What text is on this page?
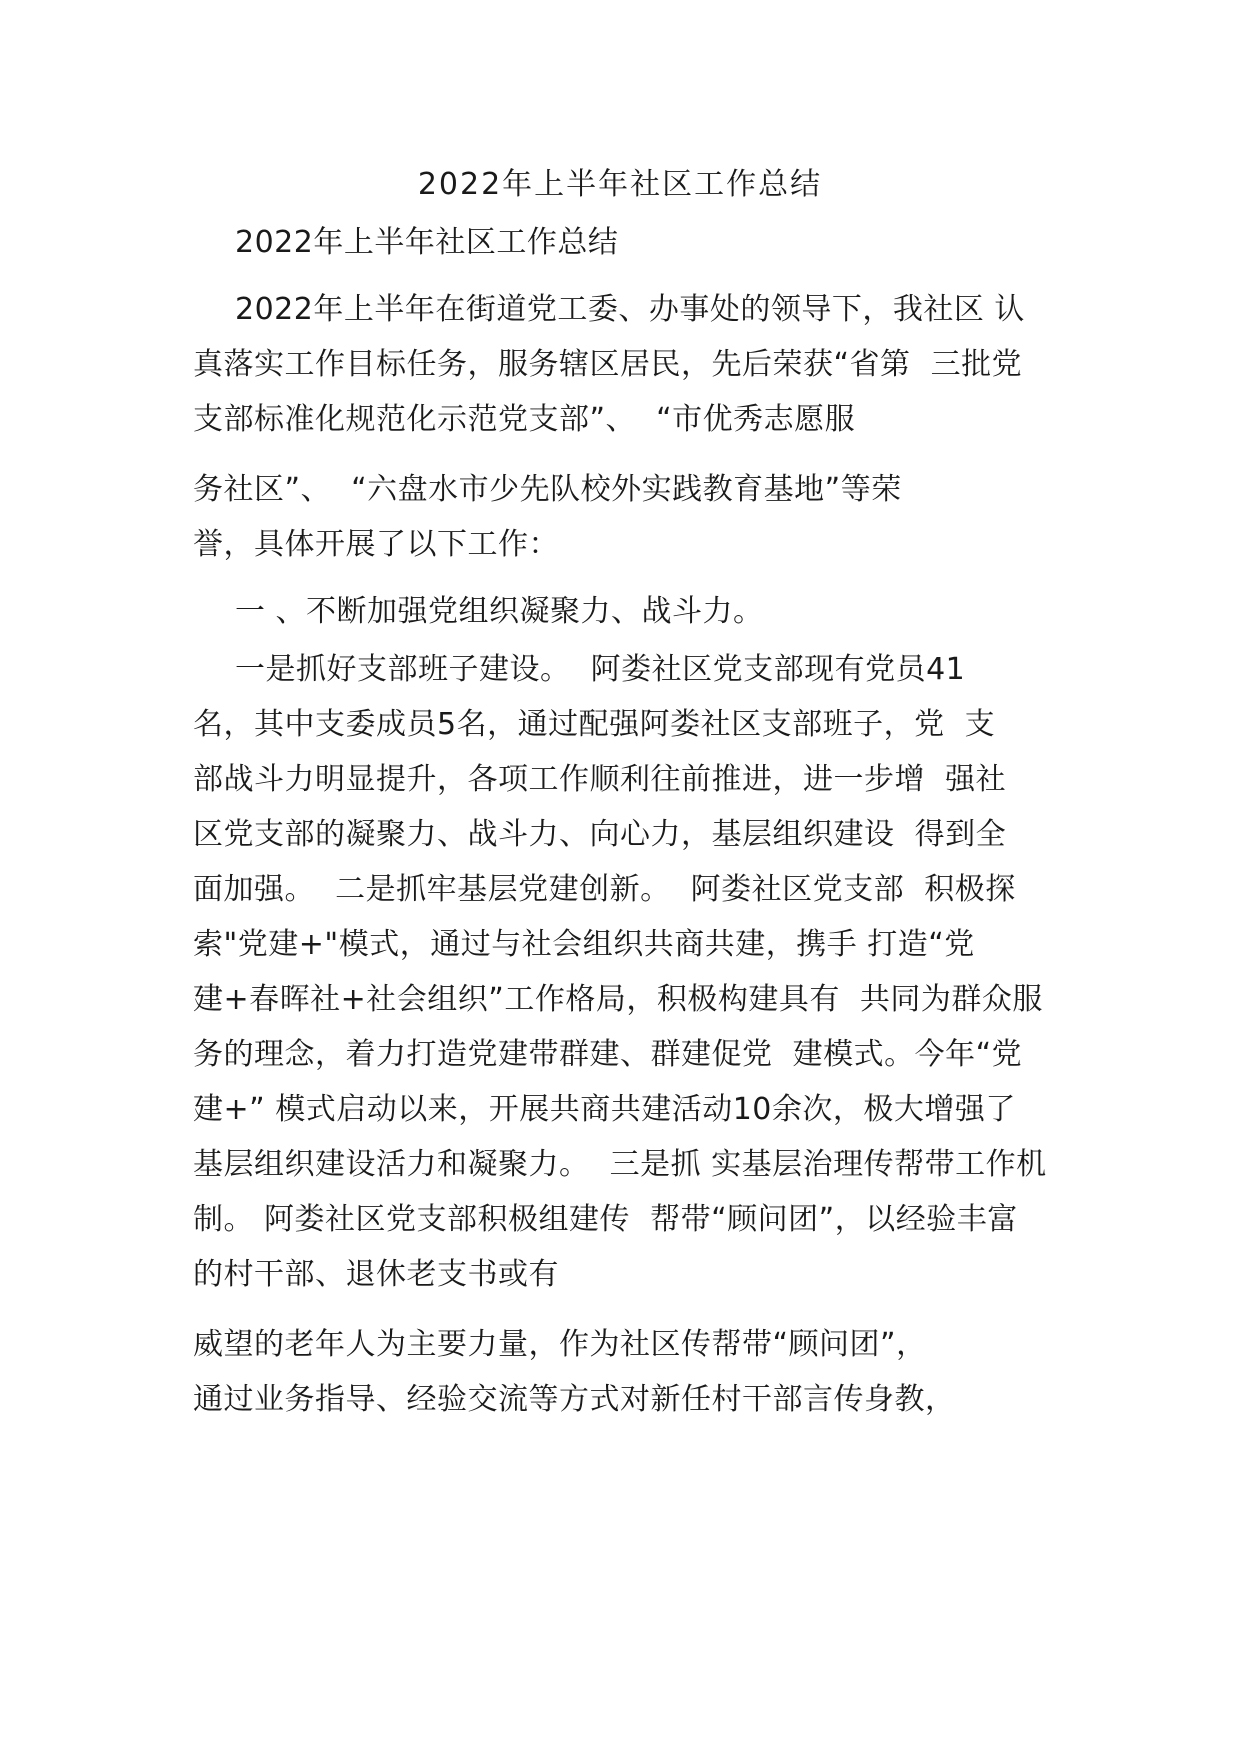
2022年上半年社区工作总结
2022年上半年社区工作总结
2022年上半年在街道党工委、办事处的领导下，我社区 认
真落实工作目标任务，服务辖区居民，先后荣获“省第  三批党
支部标准化规范化示范党支部”、  “市优秀志愿服
务社区”、  “六盘水市少先队校外实践教育基地”等荣
誉，具体开展了以下工作：
一 、不断加强党组织凝聚力、战斗力。
一是抓好支部班子建设。  阿娄社区党支部现有党员41
名，其中支委成员5名，通过配强阿娄社区支部班子，党  支
部战斗力明显提升，各项工作顺利往前推进，进一步增  强社
区党支部的凝聚力、战斗力、向心力，基层组织建设  得到全
面加强。  二是抓牢基层党建创新。  阿娄社区党支部  积极探
索"党建+"模式，通过与社会组织共商共建，携手 打造“党
建+春晖社+社会组织”工作格局，积极构建具有  共同为群众服
务的理念，着力打造党建带群建、群建促党  建模式。今年“党
建+” 模式启动以来，开展共商共建活动10余次，极大增强了
基层组织建设活力和凝聚力。  三是抓 实基层治理传帮带工作机
制。 阿娄社区党支部积极组建传  帮带“顾问团”，以经验丰富
的村干部、退休老支书或有
威望的老年人为主要力量，作为社区传帮带“顾问团”，
通过业务指导、经验交流等方式对新任村干部言传身教，
